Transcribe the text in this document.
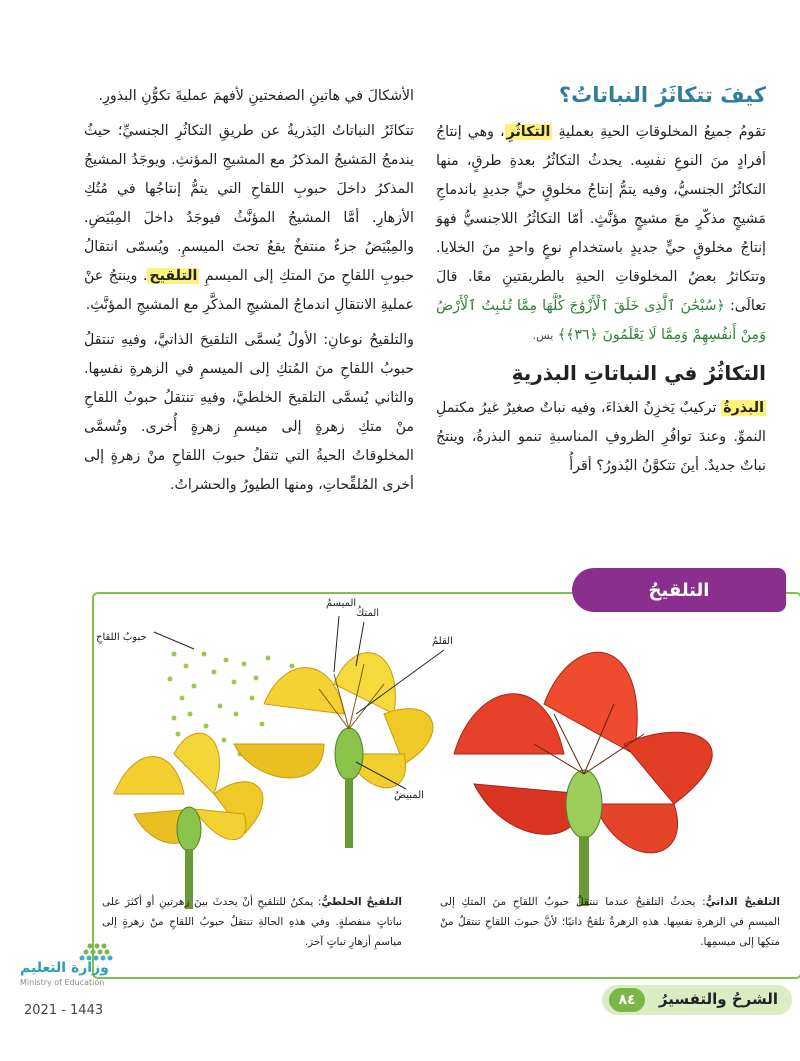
كيفَ تتكاثَرُ النباتاتُ؟

تقومُ جميعُ المخلوقاتِ الحيةِ بعمليةِ التكاثُرِ، وهي إنتاجُ أفرادٍ منَ النوعِ نفسِه. يحدثُ التكاثُرُ بعدةِ طرقٍ، منها التكاثُرُ الجنسيُّ، وفيه يتمُّ إنتاجُ مخلوقٍ حيٍّ جديدٍ باندماجِ مَشيجٍ مذكّرٍ معَ مشيجٍ مؤنَّثٍ. أمّا التكاثُرُ اللاجنسيُّ فهوَ إنتاجُ مخلوقٍ حيٍّ جديدٍ باستخدامِ نوعٍ واحدٍ منَ الخلايا. وتتكاثرُ بعضُ المخلوقاتِ الحيةِ بالطريقتينِ معًا. قالَ تعالَى: ﴿سُبْحَٰنَ ٱلَّذِى خَلَقَ ٱلْأَزْوَٰجَ كُلَّهَا مِمَّا تُنۢبِتُ ٱلْأَرْضُ وَمِنْ أَنفُسِهِمْ وَمِمَّا لَا يَعْلَمُونَ ﴿٣٦﴾﴾ يس.

التكاثُرُ في النباتاتِ البذريةِ

البذرةُ تركيبٌ يَخزِنُ الغذاءَ، وفيه نباتٌ صغيرٌ غيرُ مكتملِ النموِّ. وعندَ توافُرِ الظروفِ المناسبةِ تنمو البذرةُ، وينتجُ نباتٌ جديدٌ. أينَ تتكوَّنُ البُذورُ؟ أقرأُ

الأشكالَ في هاتينِ الصفحتينِ لأفهمَ عمليةَ تكوُّنِ البذورِ.

تتكاثَرُ النباتاتُ البَذريةُ عن طريقِ التكاثُرِ الجنسيِّ؛ حيثُ يندمجُ المَشيجُ المذكرُ مع المشيجِ المؤنثِ. ويوجَدُ المشيجُ المذكرُ داخلَ حبوبِ اللقاحِ التي يتمُّ إنتاجُها في مُتُكِ الأزهارِ. أمَّا المشيجُ المؤنَّثُ فيوجَدُ داخلَ المِبْيَضِ. والمِبْيَضُ جزءٌ منتفخٌ يقعُ تحتَ الميسمِ. ويُسمّى انتقالُ حبوبِ اللقاحِ منَ المتكِ إلى الميسمِ التلقيح. وينتجُ عنْ عمليةِ الانتقالِ اندماجُ المشيجِ المذكَّرِ مع المشيجِ المؤنَّثِ.

والتلقيحُ نوعانِ: الأولُ يُسمَّى التلقيحَ الذاتيَّ، وفيهِ تنتقلُ حبوبُ اللقاحِ منَ المُتكِ إلى الميسمِ في الزهرةِ نفسِها. والثاني يُسمَّى التلقيحَ الخلطيَّ، وفيهِ تنتقلُ حبوبُ اللقاحِ منْ متكِ زهرةٍ إلى ميسمِ زهرةٍ أُخرى. وتُسمَّى المخلوقاتُ الحيةُ التي تنقلُ حبوبَ اللقاحِ منْ زهرةٍ إلى أخرى المُلقِّحاتِ، ومنها الطيورُ والحشراتُ.

حبوبُ اللقاحِ
الميسمُ
المتكُ
القلمُ
المبيضُ
التلقيحُ الخلطيُّ: يمكنُ للتلقيحِ أنْ يحدثَ بينَ زهرتينِ أو أكثرَ على نباتاتٍ منفصلةٍ. وفي هذهِ الحالةِ تنتقلُ حبوبُ اللقاحِ منْ زهرةٍ إلى مياسمِ أزهارِ نباتٍ آخرَ.
التلقيحُ الذاتيُّ: يحدثُ التلقيحُ عندما تنتقلُ حبوبُ اللقاحِ منَ المتكِ إلى الميسمِ في الزهرةِ نفسِها. هذهِ الزهرةُ تلقحُ ذاتيًا؛ لأنَّ حبوبَ اللقاحِ تنتقلُ منْ متكِها إلى ميسمِها.
التلقيحُ
وزارة التعليم
Ministry of Education
2021 - 1443
الشرحُ والتفسيرُ
٨٤
